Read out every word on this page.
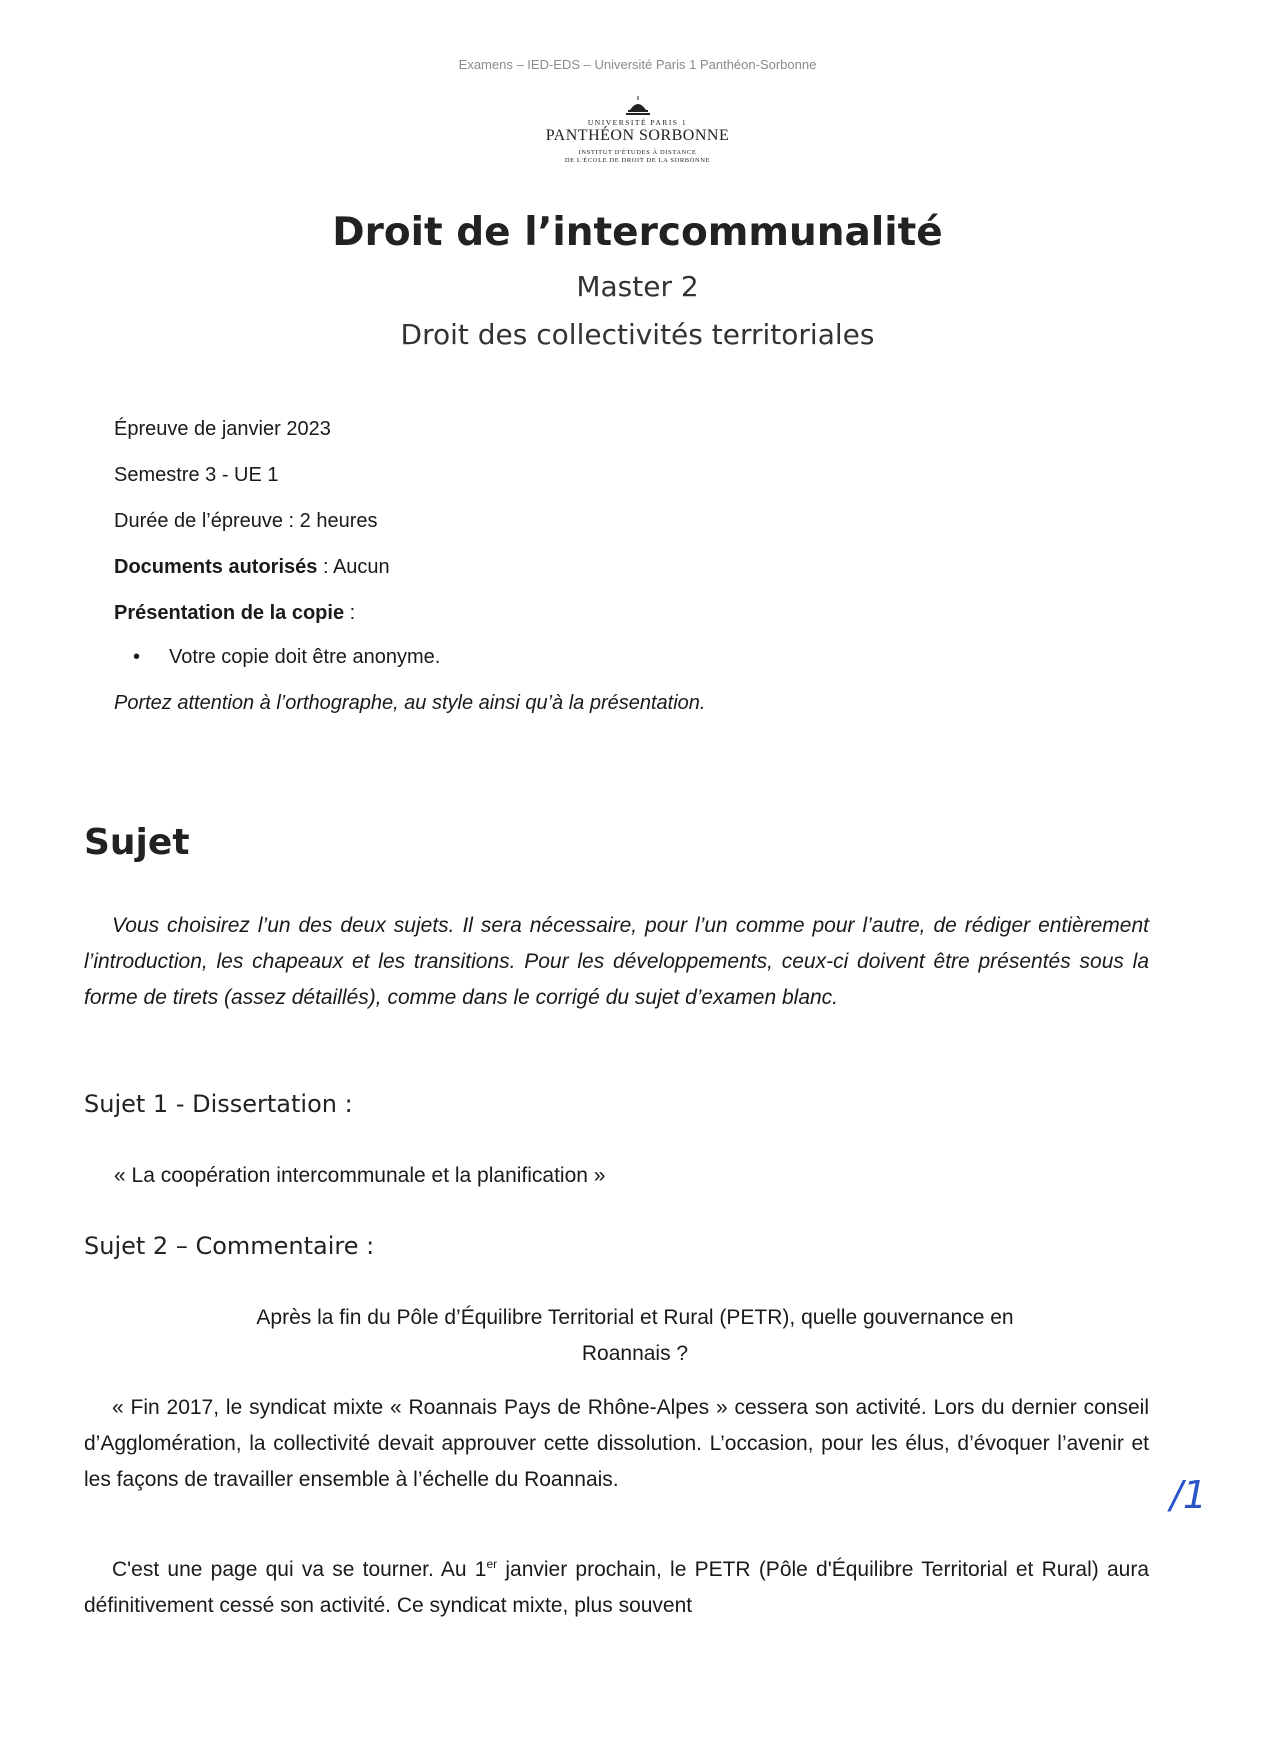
Examens – IED-EDS – Université Paris 1 Panthéon-Sorbonne
UNIVERSITÉ PARIS 1
PANTHÉON SORBONNE
INSTITUT D'ÉTUDES À DISTANCE
DE L'ÉCOLE DE DROIT DE LA SORBONNE
Droit de l’intercommunalité
Master 2
Droit des collectivités territoriales
Épreuve de janvier 2023
Semestre 3 - UE 1
Durée de l’épreuve : 2 heures
Documents autorisés : Aucun
Présentation de la copie :
• Votre copie doit être anonyme.
Portez attention à l’orthographe, au style ainsi qu’à la présentation.
Sujet
Vous choisirez l’un des deux sujets. Il sera nécessaire, pour l’un comme pour l’autre, de rédiger entièrement l’introduction, les chapeaux et les transitions. Pour les développements, ceux-ci doivent être présentés sous la forme de tirets (assez détaillés), comme dans le corrigé du sujet d’examen blanc.
Sujet 1 - Dissertation :
« La coopération intercommunale et la planification »
Sujet 2 – Commentaire :
Après la fin du Pôle d’Équilibre Territorial et Rural (PETR), quelle gouvernance en
Roannais ?
« Fin 2017, le syndicat mixte « Roannais Pays de Rhône-Alpes » cessera son activité. Lors du dernier conseil d’Agglomération, la collectivité devait approuver cette dissolution. L’occasion, pour les élus, d’évoquer l’avenir et les façons de travailler ensemble à l’échelle du Roannais.
C'est une page qui va se tourner. Au 1er janvier prochain, le PETR (Pôle d'Équilibre Territorial et Rural) aura définitivement cessé son activité. Ce syndicat mixte, plus souvent
/1
